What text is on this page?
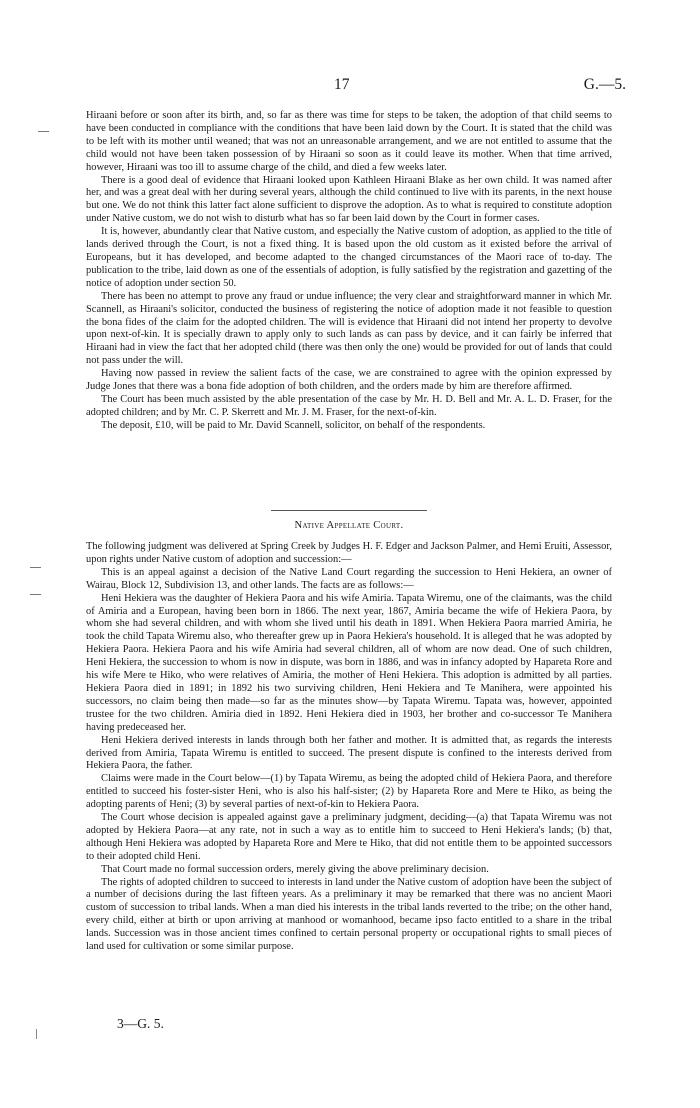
17	G.—5.

Hiraani before or soon after its birth, and, so far as there was time for steps to be taken, the adoption of that child seems to have been conducted in compliance with the conditions that have been laid down by the Court. It is stated that the child was to be left with its mother until weaned; that was not an unreasonable arrangement, and we are not entitled to assume that the child would not have been taken possession of by Hiraani so soon as it could leave its mother. When that time arrived, however, Hiraani was too ill to assume charge of the child, and died a few weeks later.

There is a good deal of evidence that Hiraani looked upon Kathleen Hiraani Blake as her own child. It was named after her, and was a great deal with her during several years, although the child continued to live with its parents, in the next house but one. We do not think this latter fact alone sufficient to disprove the adoption. As to what is required to constitute adoption under Native custom, we do not wish to disturb what has so far been laid down by the Court in former cases.

It is, however, abundantly clear that Native custom, and especially the Native custom of adoption, as applied to the title of lands derived through the Court, is not a fixed thing. It is based upon the old custom as it existed before the arrival of Europeans, but it has developed, and become adapted to the changed circumstances of the Maori race of to-day. The publication to the tribe, laid down as one of the essentials of adoption, is fully satisfied by the registration and gazetting of the notice of adoption under section 50.

There has been no attempt to prove any fraud or undue influence; the very clear and straightforward manner in which Mr. Scannell, as Hiraani's solicitor, conducted the business of registering the notice of adoption made it not feasible to question the bona fides of the claim for the adopted children. The will is evidence that Hiraani did not intend her property to devolve upon next-of-kin. It is specially drawn to apply only to such lands as can pass by device, and it can fairly be inferred that Hiraani had in view the fact that her adopted child (there was then only the one) would be provided for out of lands that could not pass under the will.

Having now passed in review the salient facts of the case, we are constrained to agree with the opinion expressed by Judge Jones that there was a bona fide adoption of both children, and the orders made by him are therefore affirmed.

The Court has been much assisted by the able presentation of the case by Mr. H. D. Bell and Mr. A. L. D. Fraser, for the adopted children; and by Mr. C. P. Skerrett and Mr. J. M. Fraser, for the next-of-kin.

The deposit, £10, will be paid to Mr. David Scannell, solicitor, on behalf of the respondents.

Native Appellate Court.

The following judgment was delivered at Spring Creek by Judges H. F. Edger and Jackson Palmer, and Hemi Eruiti, Assessor, upon rights under Native custom of adoption and succession:—

This is an appeal against a decision of the Native Land Court regarding the succession to Heni Hekiera, an owner of Wairau, Block 12, Subdivision 13, and other lands. The facts are as follows:—

Heni Hekiera was the daughter of Hekiera Paora and his wife Amiria. Tapata Wiremu, one of the claimants, was the child of Amiria and a European, having been born in 1866. The next year, 1867, Amiria became the wife of Hekiera Paora, by whom she had several children, and with whom she lived until his death in 1891. When Hekiera Paora married Amiria, he took the child Tapata Wiremu also, who thereafter grew up in Paora Hekiera's household. It is alleged that he was adopted by Hekiera Paora. Hekiera Paora and his wife Amiria had several children, all of whom are now dead. One of such children, Heni Hekiera, the succession to whom is now in dispute, was born in 1886, and was in infancy adopted by Hapareta Rore and his wife Mere te Hiko, who were relatives of Amiria, the mother of Heni Hekiera. This adoption is admitted by all parties. Hekiera Paora died in 1891; in 1892 his two surviving children, Heni Hekiera and Te Manihera, were appointed his successors, no claim being then made—so far as the minutes show—by Tapata Wiremu. Tapata was, however, appointed trustee for the two children. Amiria died in 1892. Heni Hekiera died in 1903, her brother and co-successor Te Manihera having predeceased her.

Heni Hekiera derived interests in lands through both her father and mother. It is admitted that, as regards the interests derived from Amiria, Tapata Wiremu is entitled to succeed. The present dispute is confined to the interests derived from Hekiera Paora, the father.

Claims were made in the Court below—(1) by Tapata Wiremu, as being the adopted child of Hekiera Paora, and therefore entitled to succeed his foster-sister Heni, who is also his half-sister; (2) by Hapareta Rore and Mere te Hiko, as being the adopting parents of Heni; (3) by several parties of next-of-kin to Hekiera Paora.

The Court whose decision is appealed against gave a preliminary judgment, deciding—(a) that Tapata Wiremu was not adopted by Hekiera Paora—at any rate, not in such a way as to entitle him to succeed to Heni Hekiera's lands; (b) that, although Heni Hekiera was adopted by Hapareta Rore and Mere te Hiko, that did not entitle them to be appointed successors to their adopted child Heni.

That Court made no formal succession orders, merely giving the above preliminary decision.

The rights of adopted children to succeed to interests in land under the Native custom of adoption have been the subject of a number of decisions during the last fifteen years. As a preliminary it may be remarked that there was no ancient Maori custom of succession to tribal lands. When a man died his interests in the tribal lands reverted to the tribe; on the other hand, every child, either at birth or upon arriving at manhood or womanhood, became ipso facto entitled to a share in the tribal lands. Succession was in those ancient times confined to certain personal property or occupational rights to small pieces of land used for cultivation or some similar purpose.

3—G. 5.
